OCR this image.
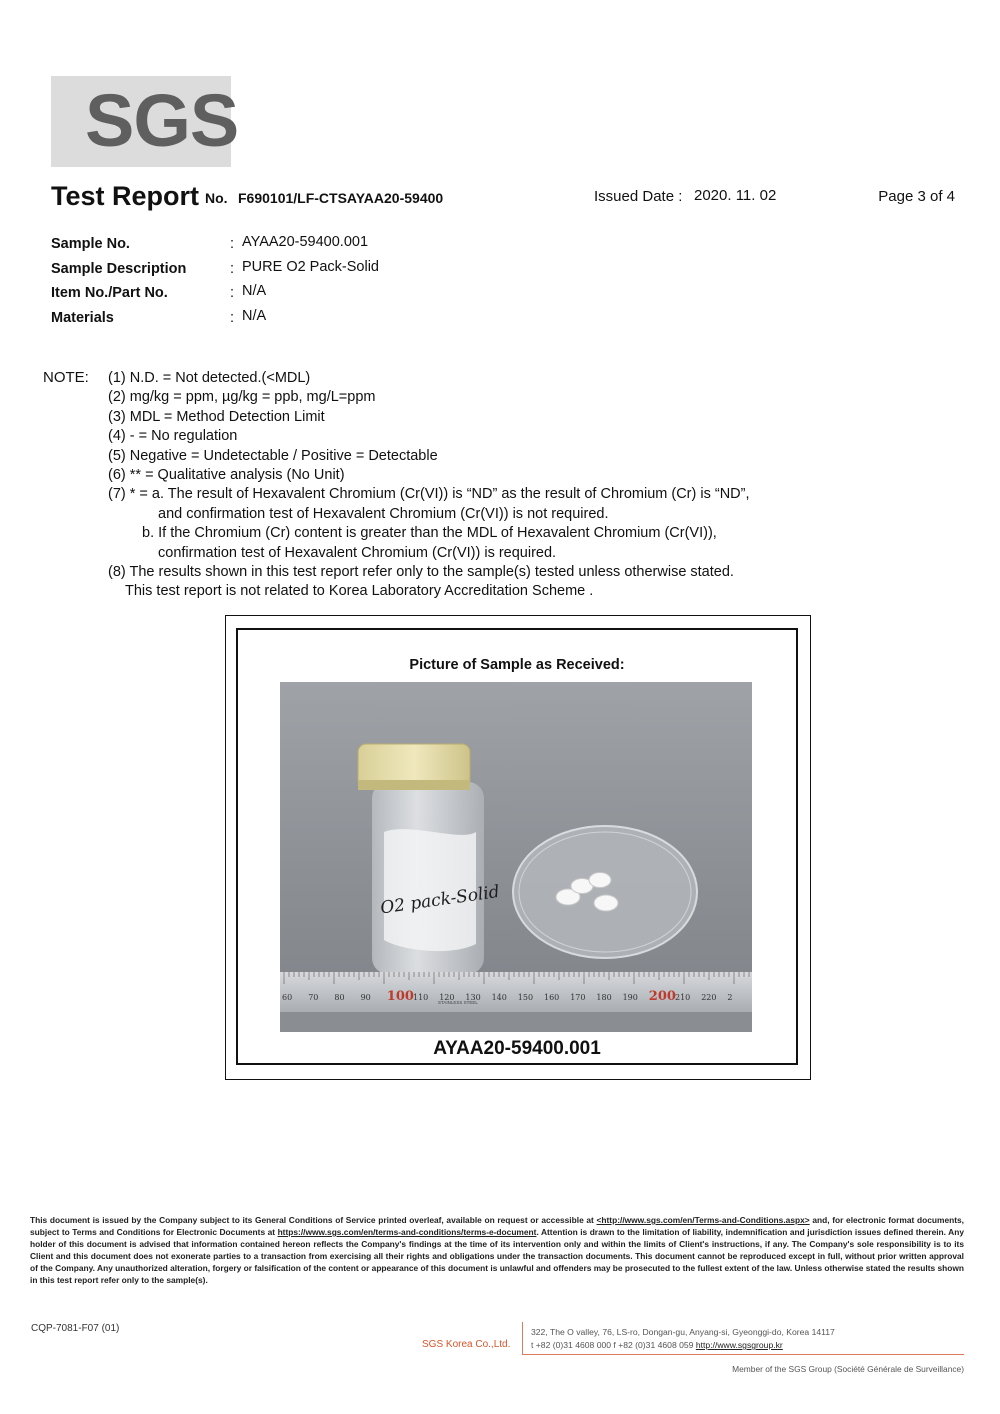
SGS
Test Report No. F690101/LF-CTSAYAA20-59400	Issued Date : 2020. 11. 02	Page 3 of 4
Sample No.	: AYAA20-59400.001
Sample Description	: PURE O2 Pack-Solid
Item No./Part No.	: N/A
Materials	: N/A
NOTE: (1) N.D. = Not detected.(<MDL)
(2) mg/kg = ppm, µg/kg = ppb, mg/L=ppm
(3) MDL = Method Detection Limit
(4) - = No regulation
(5) Negative = Undetectable / Positive = Detectable
(6) ** = Qualitative analysis (No Unit)
(7) * = a. The result of Hexavalent Chromium (Cr(VI)) is “ND” as the result of Chromium (Cr) is “ND”,
and confirmation test of Hexavalent Chromium (Cr(VI)) is not required.
b. If the Chromium (Cr) content is greater than the MDL of Hexavalent Chromium (Cr(VI)),
confirmation test of Hexavalent Chromium (Cr(VI)) is required.
(8) The results shown in this test report refer only to the sample(s) tested unless otherwise stated.
This test report is not related to Korea Laboratory Accreditation Scheme .
Picture of Sample as Received:
O2 pack-Solid
60 70 80 90 100 110 120 130 140 150 160 170 180 190 200 210 220 2
STAINLESS STEEL
AYAA20-59400.001
This document is issued by the Company subject to its General Conditions of Service printed overleaf, available on request or accessible at <http://www.sgs.com/en/Terms-and-Conditions.aspx> and, for electronic format documents, subject to Terms and Conditions for Electronic Documents at https://www.sgs.com/en/terms-and-conditions/terms-e-document. Attention is drawn to the limitation of liability, indemnification and jurisdiction issues defined therein. Any holder of this document is advised that information contained hereon reflects the Company's findings at the time of its intervention only and within the limits of Client's instructions, if any. The Company's sole responsibility is to its Client and this document does not exonerate parties to a transaction from exercising all their rights and obligations under the transaction documents. This document cannot be reproduced except in full, without prior written approval of the Company. Any unauthorized alteration, forgery or falsification of the content or appearance of this document is unlawful and offenders may be prosecuted to the fullest extent of the law. Unless otherwise stated the results shown in this test report refer only to the sample(s).
CQP-7081-F07 (01)
SGS Korea Co.,Ltd.
322, The O valley, 76, LS-ro, Dongan-gu, Anyang-si, Gyeonggi-do, Korea 14117
t +82 (0)31 4608 000 f +82 (0)31 4608 059 http://www.sgsgroup.kr
Member of the SGS Group (Société Générale de Surveillance)
